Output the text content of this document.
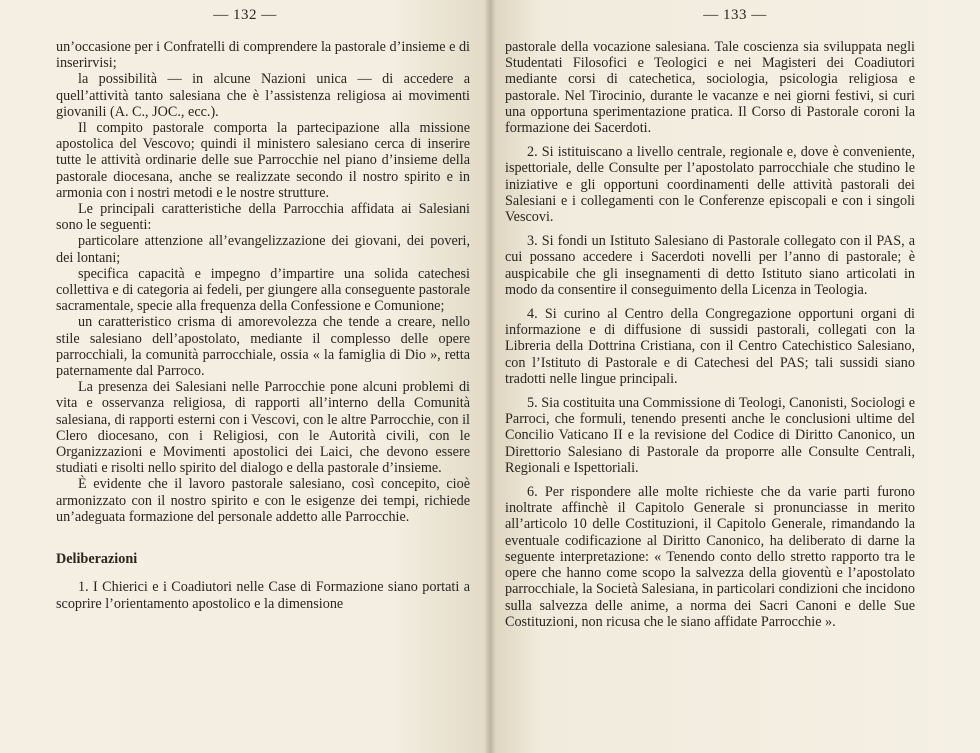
— 132 —

un’occasione per i Confratelli di comprendere la pastorale d’insieme e di inserirvisi;

la possibilità — in alcune Nazioni unica — di accedere a quell’attività tanto salesiana che è l’assistenza religiosa ai movimenti giovanili (A. C., JOC., ecc.).

Il compito pastorale comporta la partecipazione alla missione apostolica del Vescovo; quindi il ministero salesiano cerca di inserire tutte le attività ordinarie delle sue Parrocchie nel piano d’insieme della pastorale diocesana, anche se realizzate secondo il nostro spirito e in armonia con i nostri metodi e le nostre strutture.

Le principali caratteristiche della Parrocchia affidata ai Salesiani sono le seguenti:

particolare attenzione all’evangelizzazione dei giovani, dei poveri, dei lontani;

specifica capacità e impegno d’impartire una solida catechesi collettiva e di categoria ai fedeli, per giungere alla conseguente pastorale sacramentale, specie alla frequenza della Confessione e Comunione;

un caratteristico crisma di amorevolezza che tende a creare, nello stile salesiano dell’apostolato, mediante il complesso delle opere parrocchiali, la comunità parrocchiale, ossia « la famiglia di Dio », retta paternamente dal Parroco.

La presenza dei Salesiani nelle Parrocchie pone alcuni problemi di vita e osservanza religiosa, di rapporti all’interno della Comunità salesiana, di rapporti esterni con i Vescovi, con le altre Parrocchie, con il Clero diocesano, con i Religiosi, con le Autorità civili, con le Organizzazioni e Movimenti apostolici dei Laici, che devono essere studiati e risolti nello spirito del dialogo e della pastorale d’insieme.

È evidente che il lavoro pastorale salesiano, così concepito, cioè armonizzato con il nostro spirito e con le esigenze dei tempi, richiede un’adeguata formazione del personale addetto alle Parrocchie.

Deliberazioni

1. I Chierici e i Coadiutori nelle Case di Formazione siano portati a scoprire l’orientamento apostolico e la dimensione

— 133 —

pastorale della vocazione salesiana. Tale coscienza sia sviluppata negli Studentati Filosofici e Teologici e nei Magisteri dei Coadiutori mediante corsi di catechetica, sociologia, psicologia religiosa e pastorale. Nel Tirocinio, durante le vacanze e nei giorni festivi, si curi una opportuna sperimentazione pratica. Il Corso di Pastorale coroni la formazione dei Sacerdoti.

2. Si istituiscano a livello centrale, regionale e, dove è conveniente, ispettoriale, delle Consulte per l’apostolato parrocchiale che studino le iniziative e gli opportuni coordinamenti delle attività pastorali dei Salesiani e i collegamenti con le Conferenze episcopali e con i singoli Vescovi.

3. Si fondi un Istituto Salesiano di Pastorale collegato con il PAS, a cui possano accedere i Sacerdoti novelli per l’anno di pastorale; è auspicabile che gli insegnamenti di detto Istituto siano articolati in modo da consentire il conseguimento della Licenza in Teologia.

4. Si curino al Centro della Congregazione opportuni organi di informazione e di diffusione di sussidi pastorali, collegati con la Libreria della Dottrina Cristiana, con il Centro Catechistico Salesiano, con l’Istituto di Pastorale e di Catechesi del PAS; tali sussidi siano tradotti nelle lingue principali.

5. Sia costituita una Commissione di Teologi, Canonisti, Sociologi e Parroci, che formuli, tenendo presenti anche le conclusioni ultime del Concilio Vaticano II e la revisione del Codice di Diritto Canonico, un Direttorio Salesiano di Pastorale da proporre alle Consulte Centrali, Regionali e Ispettoriali.

6. Per rispondere alle molte richieste che da varie parti furono inoltrate affinchè il Capitolo Generale si pronunciasse in merito all’articolo 10 delle Costituzioni, il Capitolo Generale, rimandando la eventuale codificazione al Diritto Canonico, ha deliberato di darne la seguente interpretazione: « Tenendo conto dello stretto rapporto tra le opere che hanno come scopo la salvezza della gioventù e l’apostolato parrocchiale, la Società Salesiana, in particolari condizioni che incidono sulla salvezza delle anime, a norma dei Sacri Canoni e delle Sue Costituzioni, non ricusa che le siano affidate Parrocchie ».
